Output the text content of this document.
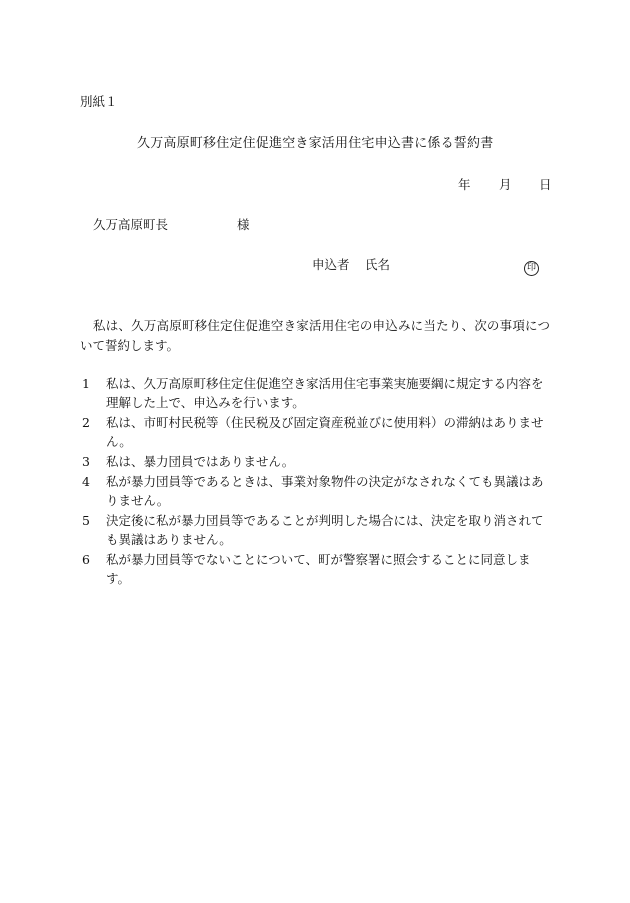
別紙１
久万高原町移住定住促進空き家活用住宅申込書に係る誓約書
年 月 日
久万高原町長	様
申込者 氏名	印
私は、久万高原町移住定住促進空き家活用住宅の申込みに当たり、次の事項について誓約します。
1 私は、久万高原町移住定住促進空き家活用住宅事業実施要綱に規定する内容を理解した上で、申込みを行います。
2 私は、市町村民税等（住民税及び固定資産税並びに使用料）の滞納はありません。
3 私は、暴力団員ではありません。
4 私が暴力団員等であるときは、事業対象物件の決定がなされなくても異議はありません。
5 決定後に私が暴力団員等であることが判明した場合には、決定を取り消されても異議はありません。
6 私が暴力団員等でないことについて、町が警察署に照会することに同意します。
